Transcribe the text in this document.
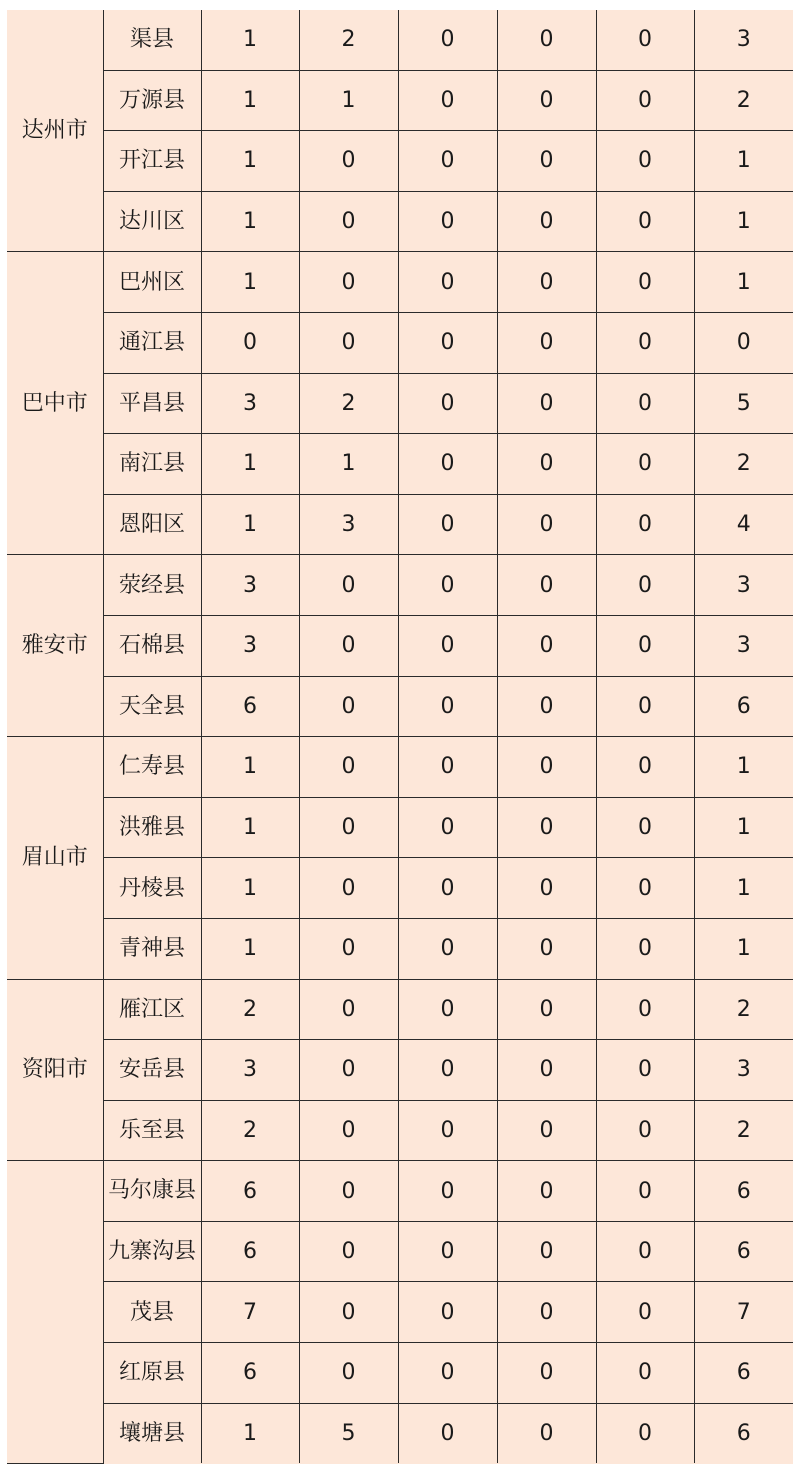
达州市	渠县	1	2	0	0	0	3
	万源县	1	1	0	0	0	2
	开江县	1	0	0	0	0	1
	达川区	1	0	0	0	0	1
巴中市	巴州区	1	0	0	0	0	1
	通江县	0	0	0	0	0	0
	平昌县	3	2	0	0	0	5
	南江县	1	1	0	0	0	2
	恩阳区	1	3	0	0	0	4
雅安市	荥经县	3	0	0	0	0	3
	石棉县	3	0	0	0	0	3
	天全县	6	0	0	0	0	6
眉山市	仁寿县	1	0	0	0	0	1
	洪雅县	1	0	0	0	0	1
	丹棱县	1	0	0	0	0	1
	青神县	1	0	0	0	0	1
资阳市	雁江区	2	0	0	0	0	2
	安岳县	3	0	0	0	0	3
	乐至县	2	0	0	0	0	2
	马尔康县	6	0	0	0	0	6
	九寨沟县	6	0	0	0	0	6
	茂县	7	0	0	0	0	7
	红原县	6	0	0	0	0	6
	壤塘县	1	5	0	0	0	6
